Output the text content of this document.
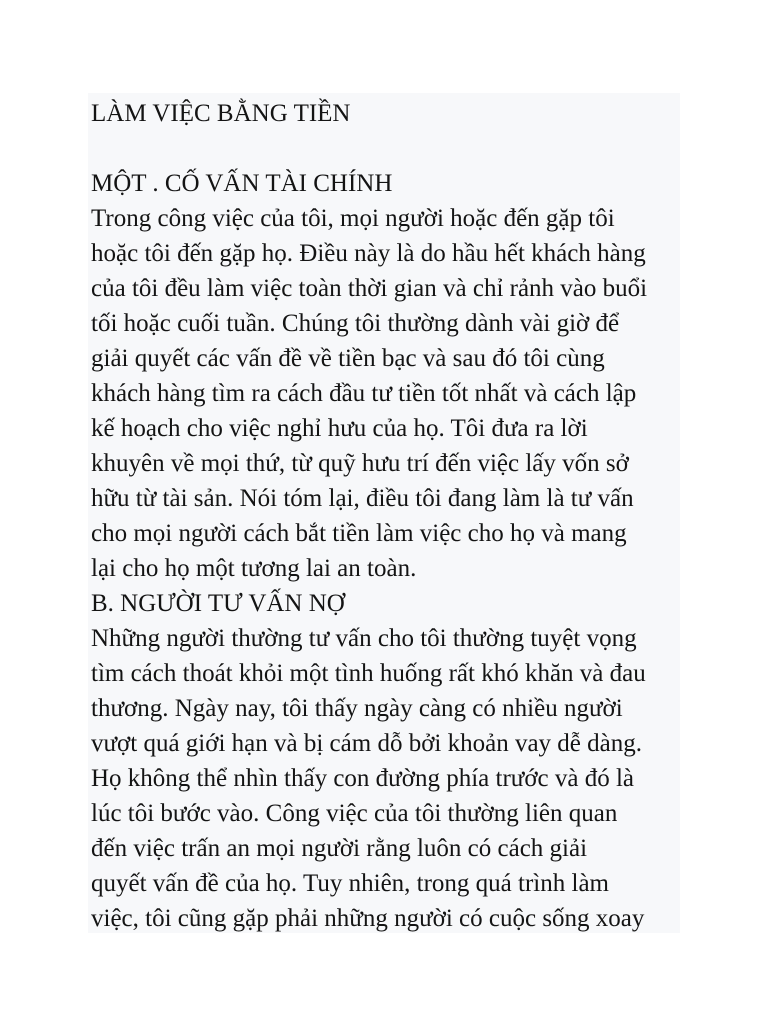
LÀM VIỆC BẰNG TIỀN
MỘT . CỐ VẤN TÀI CHÍNH
Trong công việc của tôi, mọi người hoặc đến gặp tôi
hoặc tôi đến gặp họ. Điều này là do hầu hết khách hàng
của tôi đều làm việc toàn thời gian và chỉ rảnh vào buổi
tối hoặc cuối tuần. Chúng tôi thường dành vài giờ để
giải quyết các vấn đề về tiền bạc và sau đó tôi cùng
khách hàng tìm ra cách đầu tư tiền tốt nhất và cách lập
kế hoạch cho việc nghỉ hưu của họ. Tôi đưa ra lời
khuyên về mọi thứ, từ quỹ hưu trí đến việc lấy vốn sở
hữu từ tài sản. Nói tóm lại, điều tôi đang làm là tư vấn
cho mọi người cách bắt tiền làm việc cho họ và mang
lại cho họ một tương lai an toàn.
B. NGƯỜI TƯ VẤN NỢ
Những người thường tư vấn cho tôi thường tuyệt vọng
tìm cách thoát khỏi một tình huống rất khó khăn và đau
thương. Ngày nay, tôi thấy ngày càng có nhiều người
vượt quá giới hạn và bị cám dỗ bởi khoản vay dễ dàng.
Họ không thể nhìn thấy con đường phía trước và đó là
lúc tôi bước vào. Công việc của tôi thường liên quan
đến việc trấn an mọi người rằng luôn có cách giải
quyết vấn đề của họ. Tuy nhiên, trong quá trình làm
việc, tôi cũng gặp phải những người có cuộc sống xoay
